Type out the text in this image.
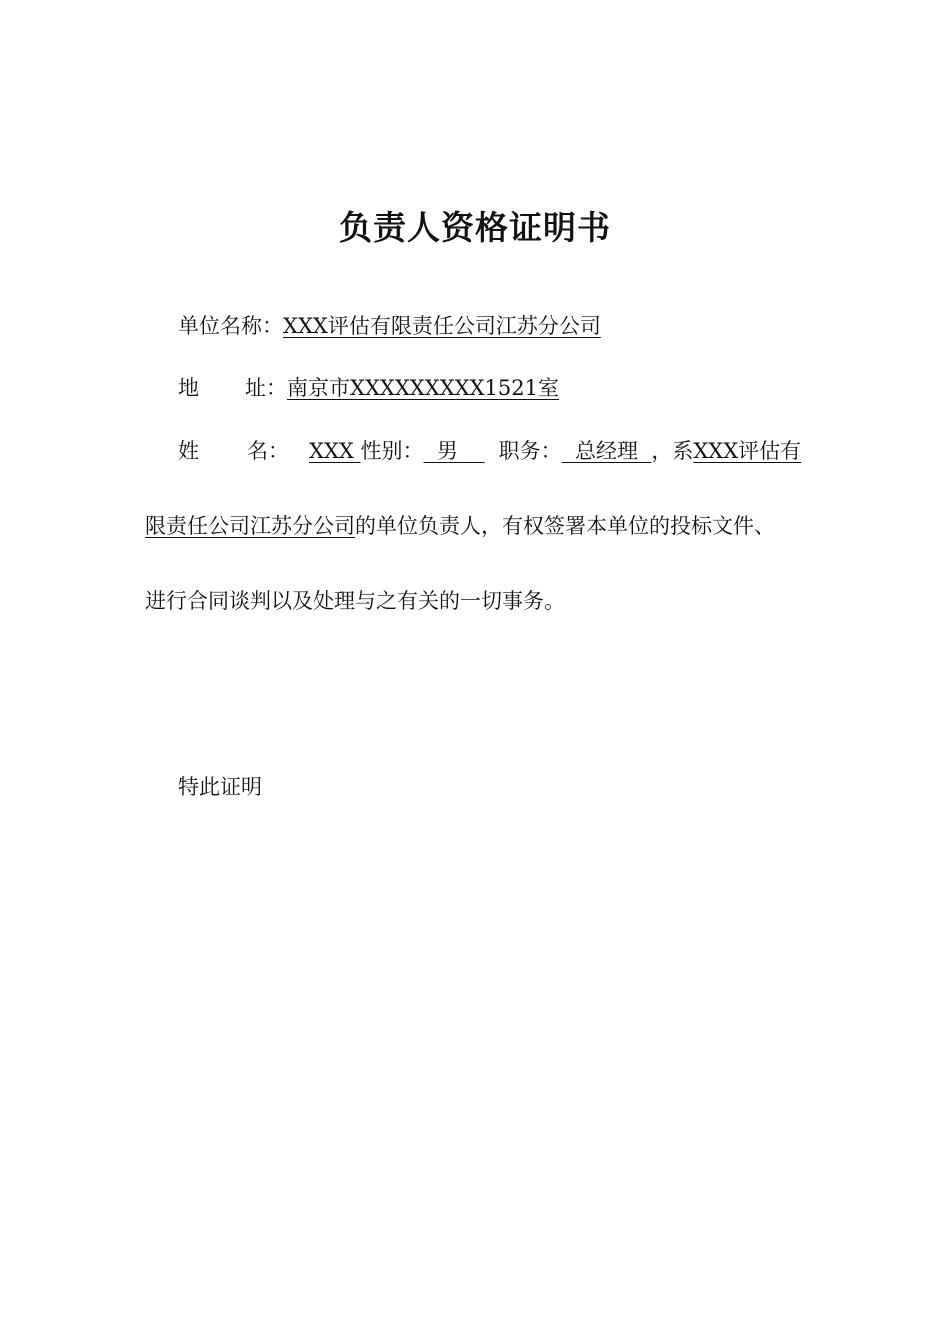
负责人资格证明书
单位名称：XXX评估有限责任公司江苏分公司
地 址：南京市XXXXXXXXX1521室
姓 名： XXX 性别： 男 职务： 总经理 ，系XXX评估有
限责任公司江苏分公司的单位负责人，有权签署本单位的投标文件、
进行合同谈判以及处理与之有关的一切事务。
特此证明
